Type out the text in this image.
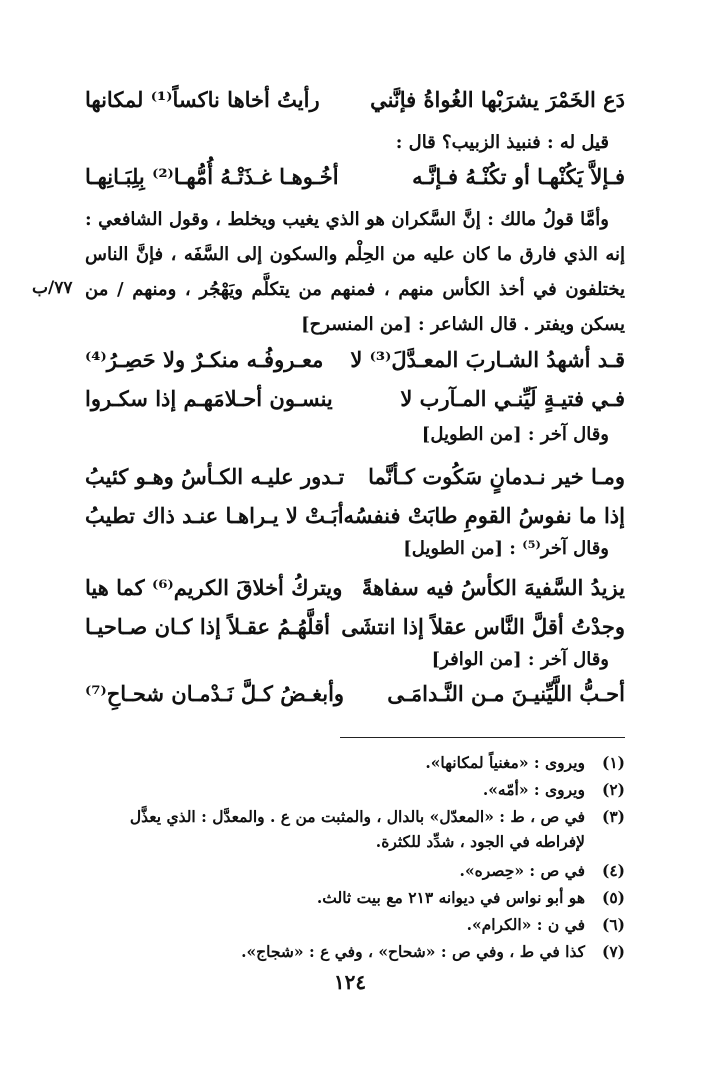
دَع الخَمْرَ يشرَبْها الغُواةُ فإنَّني
رأيتُ أخاها ناكساً⁽¹⁾ لمكانها
قيل له : فنبيذ الزبيب؟ قال :
فـإلاَّ يَكُنْهـا أو تكُنْـهُ فـإنَّـه
أخُـوهـا غـذَتْـهُ أُمُّهـا⁽²⁾ بِلِبَـانِهـا
وأمَّا قولُ مالك : إنَّ السَّكران هو الذي يغيب ويخلط ، وقول الشافعي :
إنه الذي فارق ما كان عليه من الحِلْم والسكون إلى السَّفَه ، فإنَّ الناس
يختلفون في أخذ الكأس منهم ، فمنهم من يتكلَّم ويَهْجُر ، ومنهم / من
٧٧/ب
يسكن ويفتر . قال الشاعر : [من المنسرح]
قـد أشهدُ الشـاربَ المعـدَّلَ⁽³⁾ لا
معـروفُـه منكـرٌ ولا حَصِـرُ⁽⁴⁾
فـي فتيـةٍ لَيِّنـي المـآرب لا
ينسـون أحـلامَهـم إذا سكـروا
وقال آخر : [من الطويل]
ومـا خير نـدمانٍ سَكُوت كـأنَّما
تـدور عليـه الكـأسُ وهـو كئيبُ
إذا ما نفوسُ القومِ طابَتْ فنفسُه
أبَـتْ لا يـراهـا عنـد ذاك تطيبُ
وقال آخر⁽⁵⁾ : [من الطويل]
يزيدُ السَّفيهَ الكأسُ فيه سفاهةً
ويتركُ أخلاقَ الكريم⁽⁶⁾ كما هيا
وجدْتُ أقلَّ النَّاس عقلاً إذا انتشَى
أقلَّهُـمُ عقـلاً إذا كـان صـاحيـا
وقال آخر : [من الوافر]
أحـبُّ اللَّيِّنيـنَ مـن النَّـدامَـى
وأبغـضُ كـلَّ نَـدْمـان شحـاحِ⁽⁷⁾
(١)
ويروى : «مغنياً لمكانها».
(٢)
ويروى : «أمّه».
(٣)
في ص ، ط : «المعدّل» بالدال ، والمثبت من ع . والمعدَّل : الذي يعذَّل لإفراطه في الجود ، شدِّد للكثرة.
(٤)
في ص : «حِصره».
(٥)
هو أبو نواس في ديوانه ٢١٣ مع بيت ثالث.
(٦)
في ن : «الكرام».
(٧)
كذا في ط ، وفي ص : «شحاح» ، وفي ع : «شجاج».
١٢٤
